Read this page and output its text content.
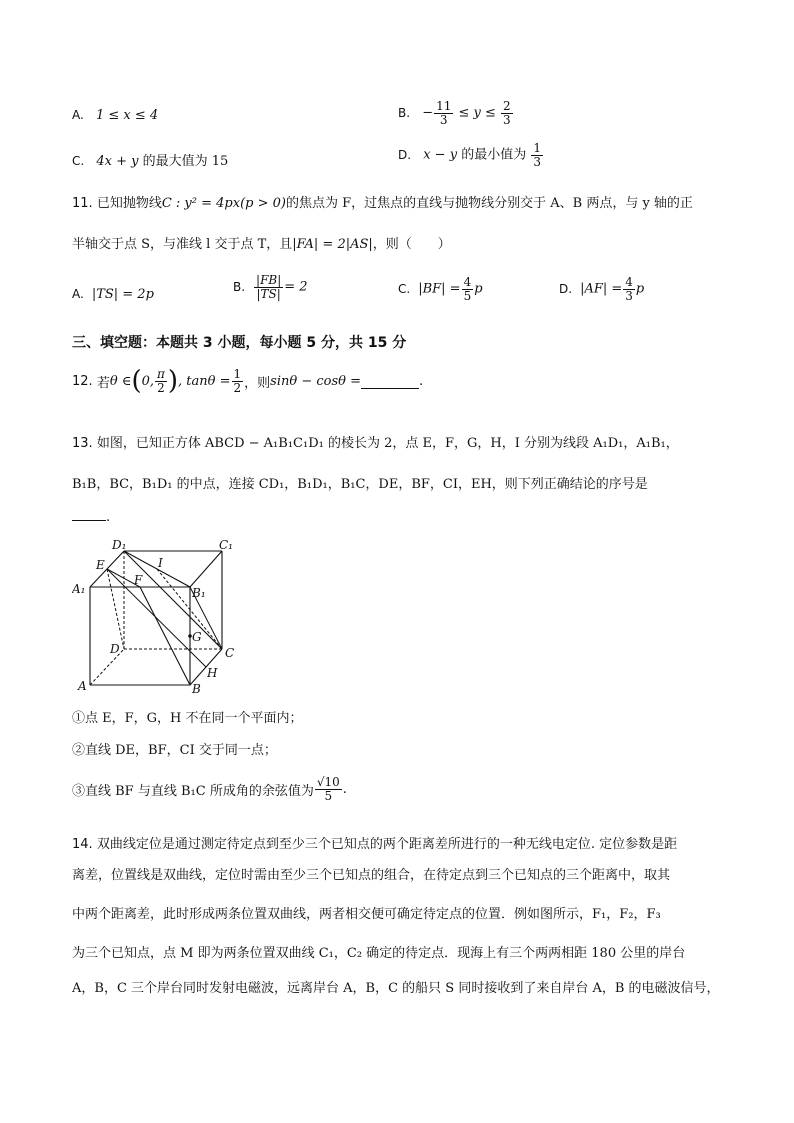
A. 1 ≤ x ≤ 4	B. − $\frac{11}{3} \le y \le \frac{2}{3}$
C. 4x + y 的最大值为 15	D. x − y 的最小值为 $\frac{1}{3}$
11. 已知抛物线C : y² = 4px(p > 0)的焦点为 F，过焦点的直线与抛物线分别交于 A、B 两点，与 y 轴的正
半轴交于点 S，与准线 l 交于点 T，且|FA| = 2|AS|，则（　　）
A. |TS| = 2p
B. $\frac{|FB|}{|TS|} = 2$	C. $|BF| = \frac{4}{5}$ p	D. $|AF| = \frac{4}{3}$ p
三、填空题：本题共 3 小题，每小题 5 分，共 15 分
12.
若 θ ∈ ( 0, $\frac{\pi}{2}$ ) , $\tan\theta = \frac{1}{2}$ ，则 sinθ − cosθ =	.
13. 如图，已知正方体 ABCD − A₁B₁C₁D₁ 的棱长为 2，点 E，F，G，H，I 分别为线段 A₁D₁，A₁B₁，
B₁B，BC，B₁D₁ 的中点，连接 CD₁，B₁D₁，B₁C，DE，BF，CI，EH，则下列正确结论的序号是
.
D₁	C₁
E	I
A₁
F
B₁
G
D	C
H
A	B
①点 E，F，G，H 不在同一个平面内；
②直线 DE，BF，CI 交于同一点；
③直线 BF 与直线 B₁C 所成角的余弦值为 $\frac{√10}{5}$ .
14. 双曲线定位是通过测定待定点到至少三个已知点的两个距离差所进行的一种无线电定位. 定位参数是距
离差，位置线是双曲线，定位时需由至少三个已知点的组合，在待定点到三个已知点的三个距离中，取其
中两个距离差，此时形成两条位置双曲线，两者相交便可确定待定点的位置．例如图所示，F₁，F₂，F₃
为三个已知点，点 M 即为两条位置双曲线 C₁，C₂ 确定的待定点．现海上有三个两两相距 180 公里的岸台
A，B，C 三个岸台同时发射电磁波，远离岸台 A，B，C 的船只 S 同时接收到了来自岸台 A，B 的电磁波信号，
